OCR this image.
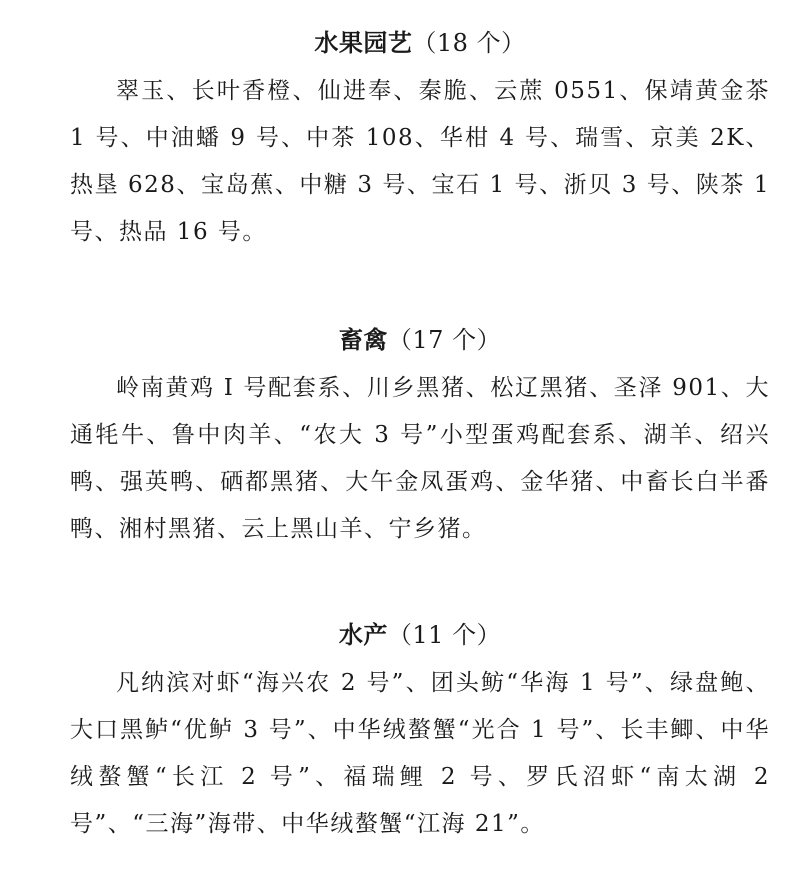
水果园艺（18 个）

翠玉、长叶香橙、仙进奉、秦脆、云蔗 0551、保靖黄金茶 1 号、中油蟠 9 号、中茶 108、华柑 4 号、瑞雪、京美 2K、热垦 628、宝岛蕉、中糖 3 号、宝石 1 号、浙贝 3 号、陕茶 1 号、热品 16 号。

畜禽（17 个）

岭南黄鸡 I 号配套系、川乡黑猪、松辽黑猪、圣泽 901、大通牦牛、鲁中肉羊、“农大 3 号”小型蛋鸡配套系、湖羊、绍兴鸭、强英鸭、硒都黑猪、大午金凤蛋鸡、金华猪、中畜长白半番鸭、湘村黑猪、云上黑山羊、宁乡猪。

水产（11 个）

凡纳滨对虾“海兴农 2 号”、团头鲂“华海 1 号”、绿盘鲍、大口黑鲈“优鲈 3 号”、中华绒螯蟹“光合 1 号”、长丰鲫、中华绒螯蟹“长江 2 号”、福瑞鲤 2 号、罗氏沼虾“南太湖 2 号”、“三海”海带、中华绒螯蟹“江海 21”。
